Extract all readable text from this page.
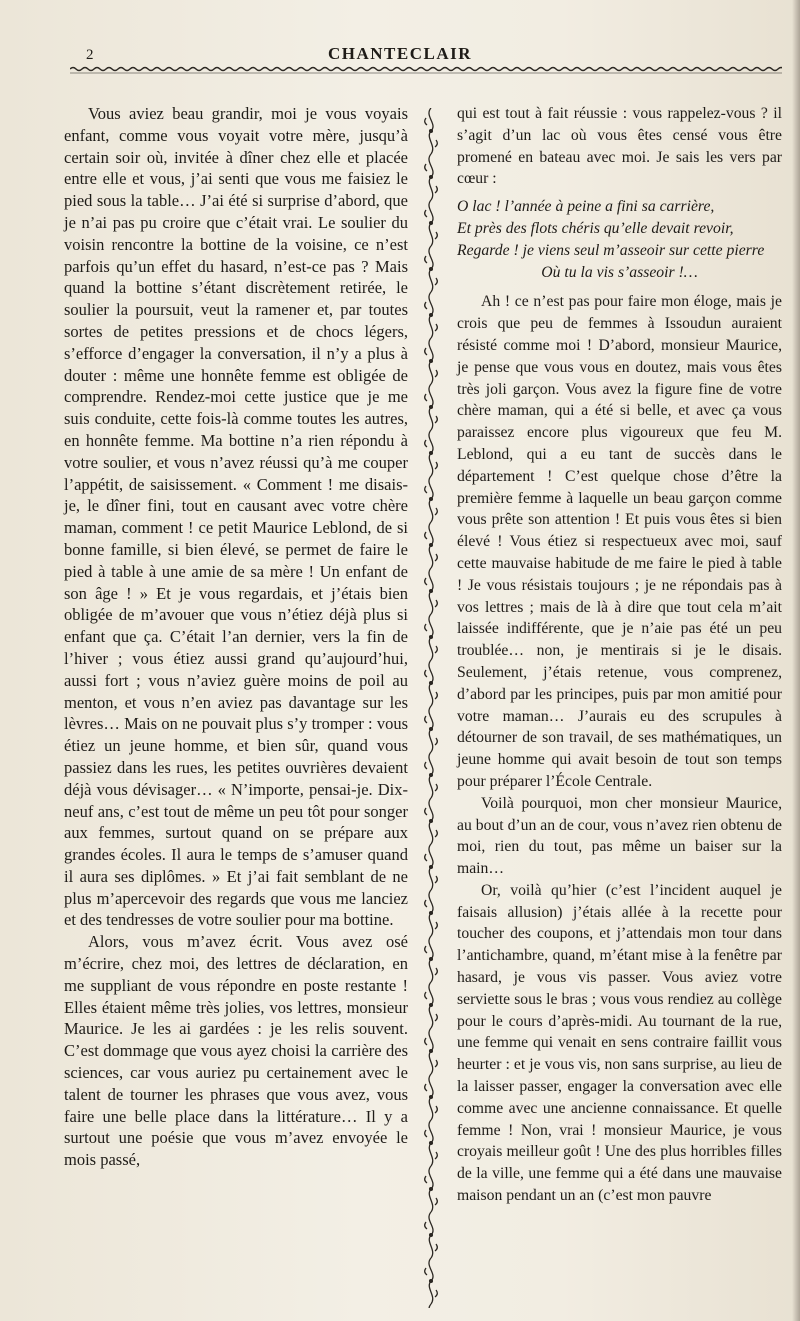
2	CHANTECLAIR

Vous aviez beau grandir, moi je vous voyais enfant, comme vous voyait votre mère, jusqu’à certain soir où, invitée à dîner chez elle et placée entre elle et vous, j’ai senti que vous me faisiez le pied sous la table… J’ai été si surprise d’abord, que je n’ai pas pu croire que c’était vrai. Le soulier du voisin rencontre la bottine de la voisine, ce n’est parfois qu’un effet du hasard, n’est-ce pas ? Mais quand la bottine s’étant discrètement retirée, le soulier la poursuit, veut la ramener et, par toutes sortes de petites pressions et de chocs légers, s’efforce d’engager la conversation, il n’y a plus à douter : même une honnête femme est obligée de comprendre. Rendez-moi cette justice que je me suis conduite, cette fois-là comme toutes les autres, en honnête femme. Ma bottine n’a rien répondu à votre soulier, et vous n’avez réussi qu’à me couper l’appétit, de saisissement. « Comment ! me disais-je, le dîner fini, tout en causant avec votre chère maman, comment ! ce petit Maurice Leblond, de si bonne famille, si bien élevé, se permet de faire le pied à table à une amie de sa mère ! Un enfant de son âge ! » Et je vous regardais, et j’étais bien obligée de m’avouer que vous n’étiez déjà plus si enfant que ça. C’était l’an dernier, vers la fin de l’hiver ; vous étiez aussi grand qu’aujourd’hui, aussi fort ; vous n’aviez guère moins de poil au menton, et vous n’en aviez pas davantage sur les lèvres… Mais on ne pouvait plus s’y tromper : vous étiez un jeune homme, et bien sûr, quand vous passiez dans les rues, les petites ouvrières devaient déjà vous dévisager… « N’importe, pensai-je. Dix-neuf ans, c’est tout de même un peu tôt pour songer aux femmes, surtout quand on se prépare aux grandes écoles. Il aura le temps de s’amuser quand il aura ses diplômes. » Et j’ai fait semblant de ne plus m’apercevoir des regards que vous me lanciez et des tendresses de votre soulier pour ma bottine.

Alors, vous m’avez écrit. Vous avez osé m’écrire, chez moi, des lettres de déclaration, en me suppliant de vous répondre en poste restante ! Elles étaient même très jolies, vos lettres, monsieur Maurice. Je les ai gardées : je les relis souvent. C’est dommage que vous ayez choisi la carrière des sciences, car vous auriez pu certainement avec le talent de tourner les phrases que vous avez, vous faire une belle place dans la littérature… Il y a surtout une poésie que vous m’avez envoyée le mois passé,

qui est tout à fait réussie : vous rappelez-vous ? il s’agit d’un lac où vous êtes censé vous être promené en bateau avec moi. Je sais les vers par cœur :

O lac ! l’année à peine a fini sa carrière,
Et près des flots chéris qu’elle devait revoir,
Regarde ! je viens seul m’asseoir sur cette pierre
Où tu la vis s’asseoir !…

Ah ! ce n’est pas pour faire mon éloge, mais je crois que peu de femmes à Issoudun auraient résisté comme moi ! D’abord, monsieur Maurice, je pense que vous vous en doutez, mais vous êtes très joli garçon. Vous avez la figure fine de votre chère maman, qui a été si belle, et avec ça vous paraissez encore plus vigoureux que feu M. Leblond, qui a eu tant de succès dans le département ! C’est quelque chose d’être la première femme à laquelle un beau garçon comme vous prête son attention ! Et puis vous êtes si bien élevé ! Vous étiez si respectueux avec moi, sauf cette mauvaise habitude de me faire le pied à table ! Je vous résistais toujours ; je ne répondais pas à vos lettres ; mais de là à dire que tout cela m’ait laissée indifférente, que je n’aie pas été un peu troublée… non, je mentirais si je le disais. Seulement, j’étais retenue, vous comprenez, d’abord par les principes, puis par mon amitié pour votre maman… J’aurais eu des scrupules à détourner de son travail, de ses mathématiques, un jeune homme qui avait besoin de tout son temps pour préparer l’École Centrale.

Voilà pourquoi, mon cher monsieur Maurice, au bout d’un an de cour, vous n’avez rien obtenu de moi, rien du tout, pas même un baiser sur la main…

Or, voilà qu’hier (c’est l’incident auquel je faisais allusion) j’étais allée à la recette pour toucher des coupons, et j’attendais mon tour dans l’antichambre, quand, m’étant mise à la fenêtre par hasard, je vous vis passer. Vous aviez votre serviette sous le bras ; vous vous rendiez au collège pour le cours d’après-midi. Au tournant de la rue, une femme qui venait en sens contraire faillit vous heurter : et je vous vis, non sans surprise, au lieu de la laisser passer, engager la conversation avec elle comme avec une ancienne connaissance. Et quelle femme ! Non, vrai ! monsieur Maurice, je vous croyais meilleur goût ! Une des plus horribles filles de la ville, une femme qui a été dans une mauvaise maison pendant un an (c’est mon pauvre
